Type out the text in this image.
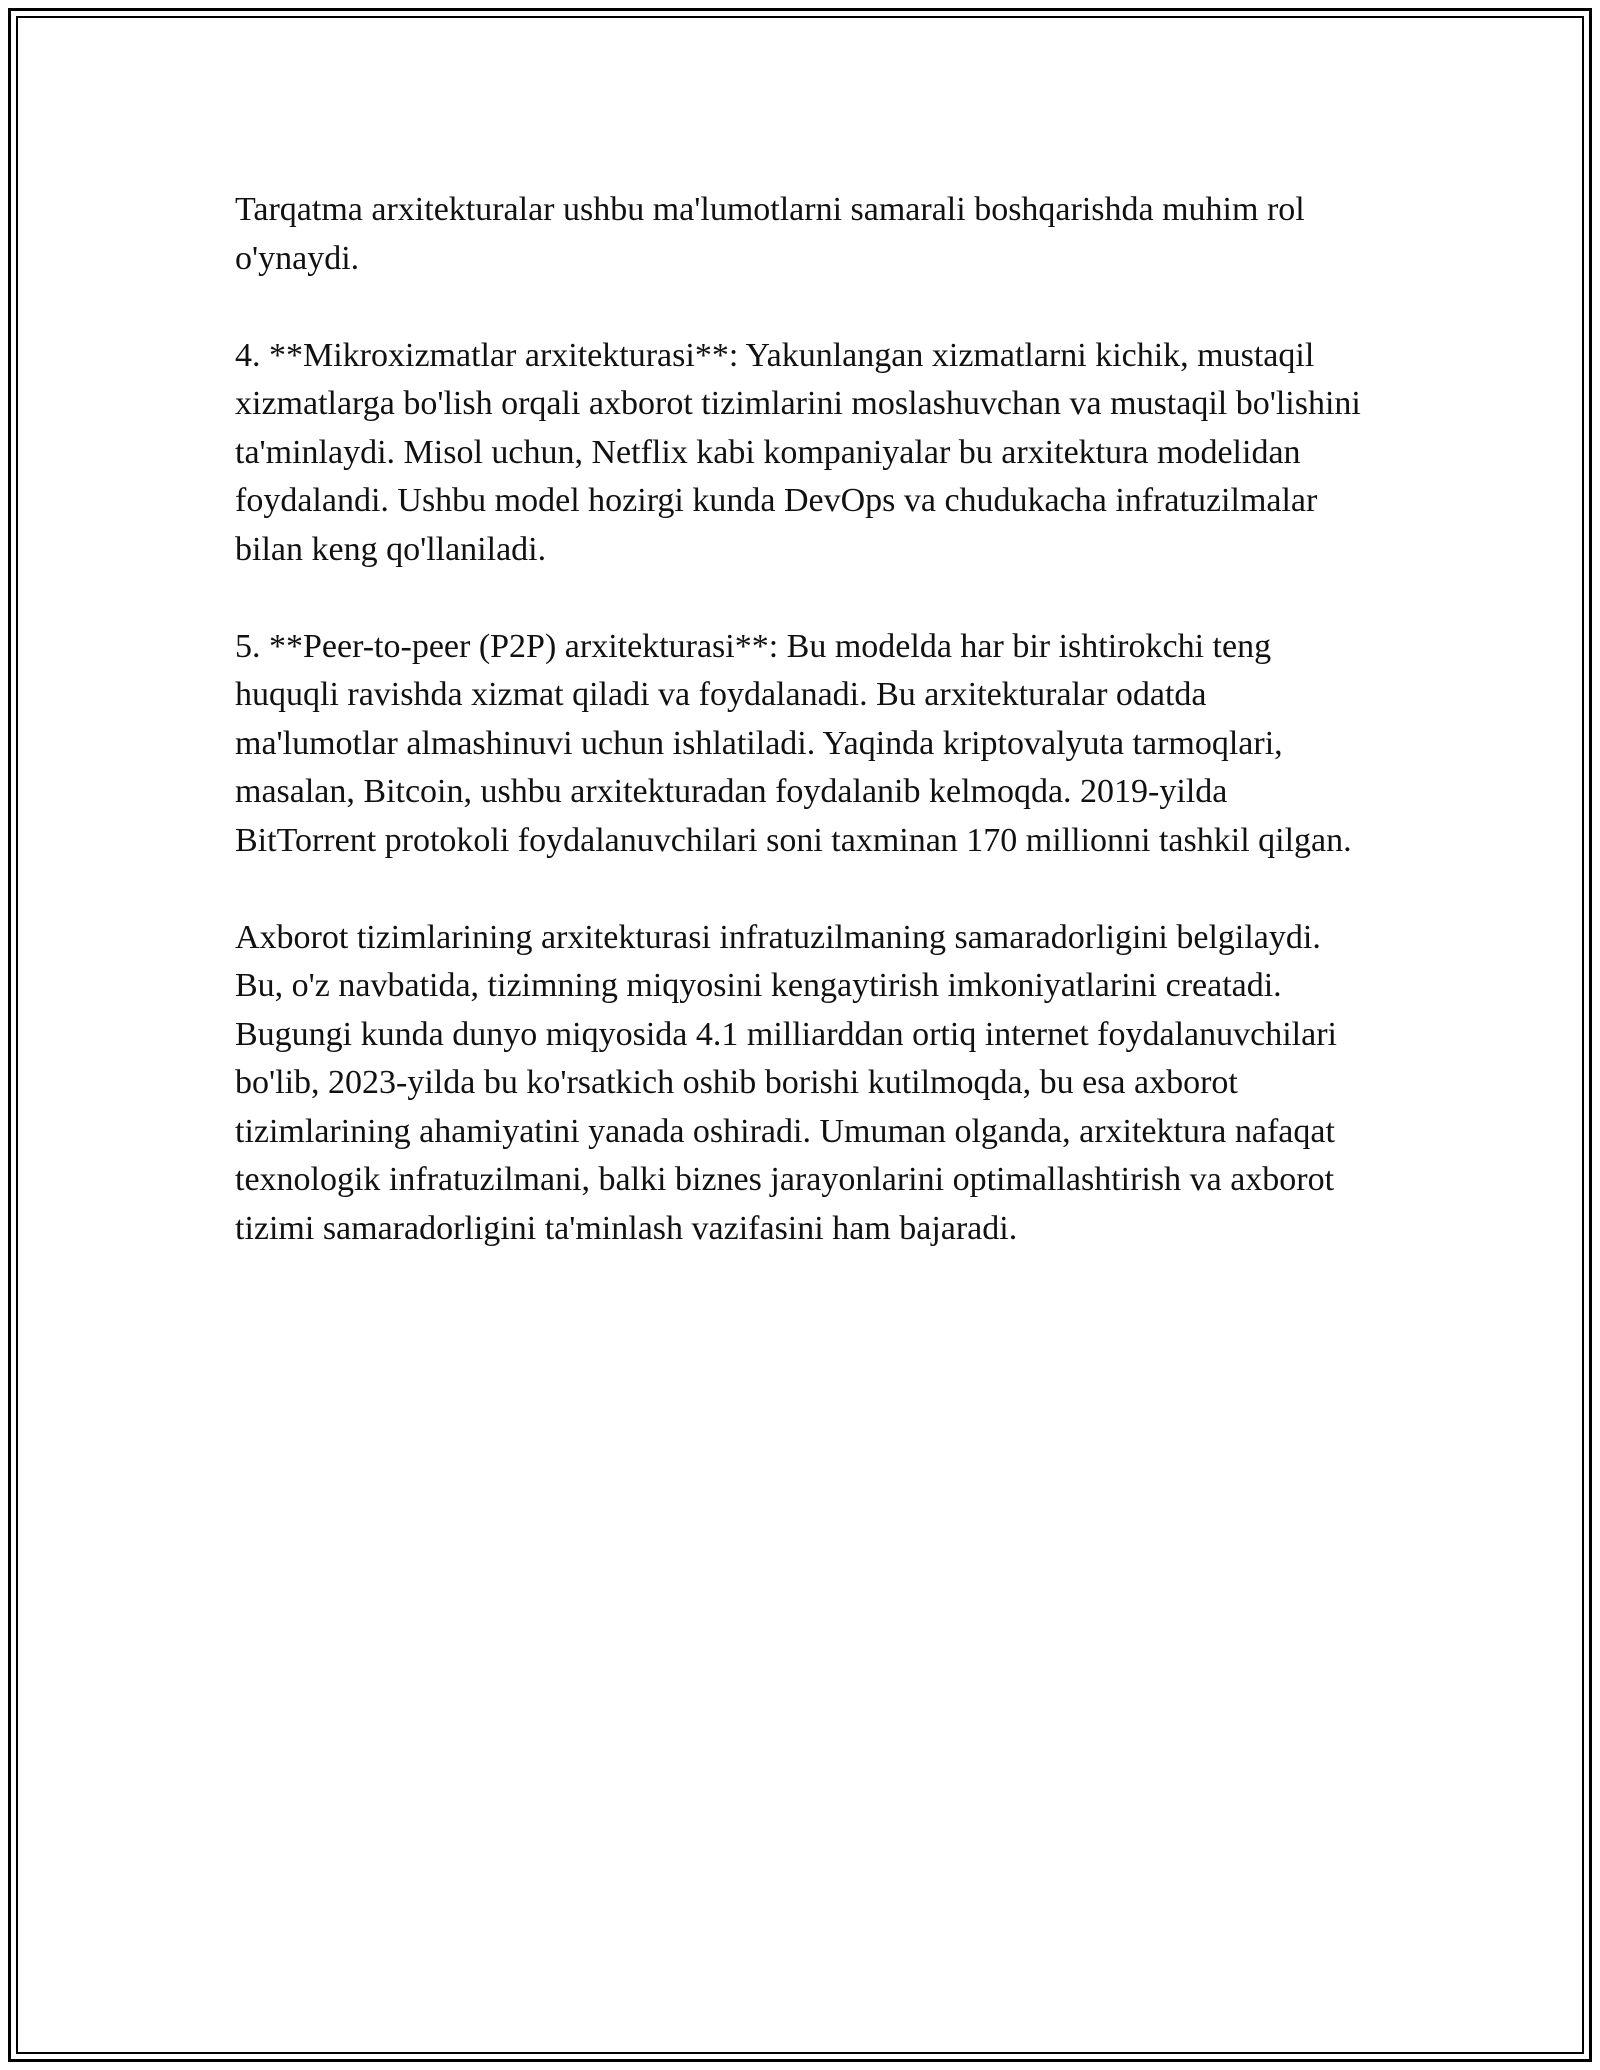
Tarqatma arxitekturalar ushbu ma'lumotlarni samarali boshqarishda muhim rol o'ynaydi.

4. **Mikroxizmatlar arxitekturasi**: Yakunlangan xizmatlarni kichik, mustaqil xizmatlarga bo'lish orqali axborot tizimlarini moslashuvchan va mustaqil bo'lishini ta'minlaydi. Misol uchun, Netflix kabi kompaniyalar bu arxitektura modelidan foydalandi. Ushbu model hozirgi kunda DevOps va chudukacha infratuzilmalar bilan keng qo'llaniladi.

5. **Peer-to-peer (P2P) arxitekturasi**: Bu modelda har bir ishtirokchi teng huquqli ravishda xizmat qiladi va foydalanadi. Bu arxitekturalar odatda ma'lumotlar almashinuvi uchun ishlatiladi. Yaqinda kriptovalyuta tarmoqlari, masalan, Bitcoin, ushbu arxitekturadan foydalanib kelmoqda. 2019-yilda BitTorrent protokoli foydalanuvchilari soni taxminan 170 millionni tashkil qilgan.

Axborot tizimlarining arxitekturasi infratuzilmaning samaradorligini belgilaydi. Bu, o'z navbatida, tizimning miqyosini kengaytirish imkoniyatlarini creatadi. Bugungi kunda dunyo miqyosida 4.1 milliarddan ortiq internet foydalanuvchilari bo'lib, 2023-yilda bu ko'rsatkich oshib borishi kutilmoqda, bu esa axborot tizimlarining ahamiyatini yanada oshiradi. Umuman olganda, arxitektura nafaqat texnologik infratuzilmani, balki biznes jarayonlarini optimallashtirish va axborot tizimi samaradorligini ta'minlash vazifasini ham bajaradi.
